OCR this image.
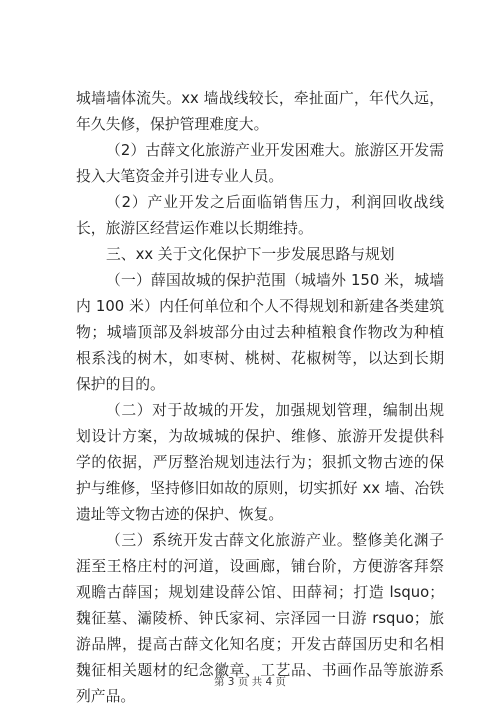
城墙墙体流失。xx 墙战线较长，牵扯面广，年代久远，年久失修，保护管理难度大。

（2）古薛文化旅游产业开发困难大。旅游区开发需投入大笔资金并引进专业人员。

（2）产业开发之后面临销售压力，利润回收战线长，旅游区经营运作难以长期维持。

三、xx 关于文化保护下一步发展思路与规划

（一）薛国故城的保护范围（城墙外 150 米，城墙内 100 米）内任何单位和个人不得规划和新建各类建筑物；城墙顶部及斜坡部分由过去种植粮食作物改为种植根系浅的树木，如枣树、桃树、花椒树等，以达到长期保护的目的。

（二）对于故城的开发，加强规划管理，编制出规划设计方案，为故城城的保护、维修、旅游开发提供科学的依据，严厉整治规划违法行为；狠抓文物古迹的保护与维修，坚持修旧如故的原则，切实抓好 xx 墙、冶铁遗址等文物古迹的保护、恢复。

（三）系统开发古薛文化旅游产业。整修美化渊子涯至王格庄村的河道，设画廊，铺台阶，方便游客拜祭观瞻古薛国；规划建设薛公馆、田薛祠；打造 lsquo；魏征墓、灞陵桥、钟氏家祠、宗泽园一日游 rsquo；旅游品牌，提高古薛文化知名度；开发古薛国历史和名相魏征相关题材的纪念徽章、工艺品、书画作品等旅游系列产品。

第 3 页 共 4 页
